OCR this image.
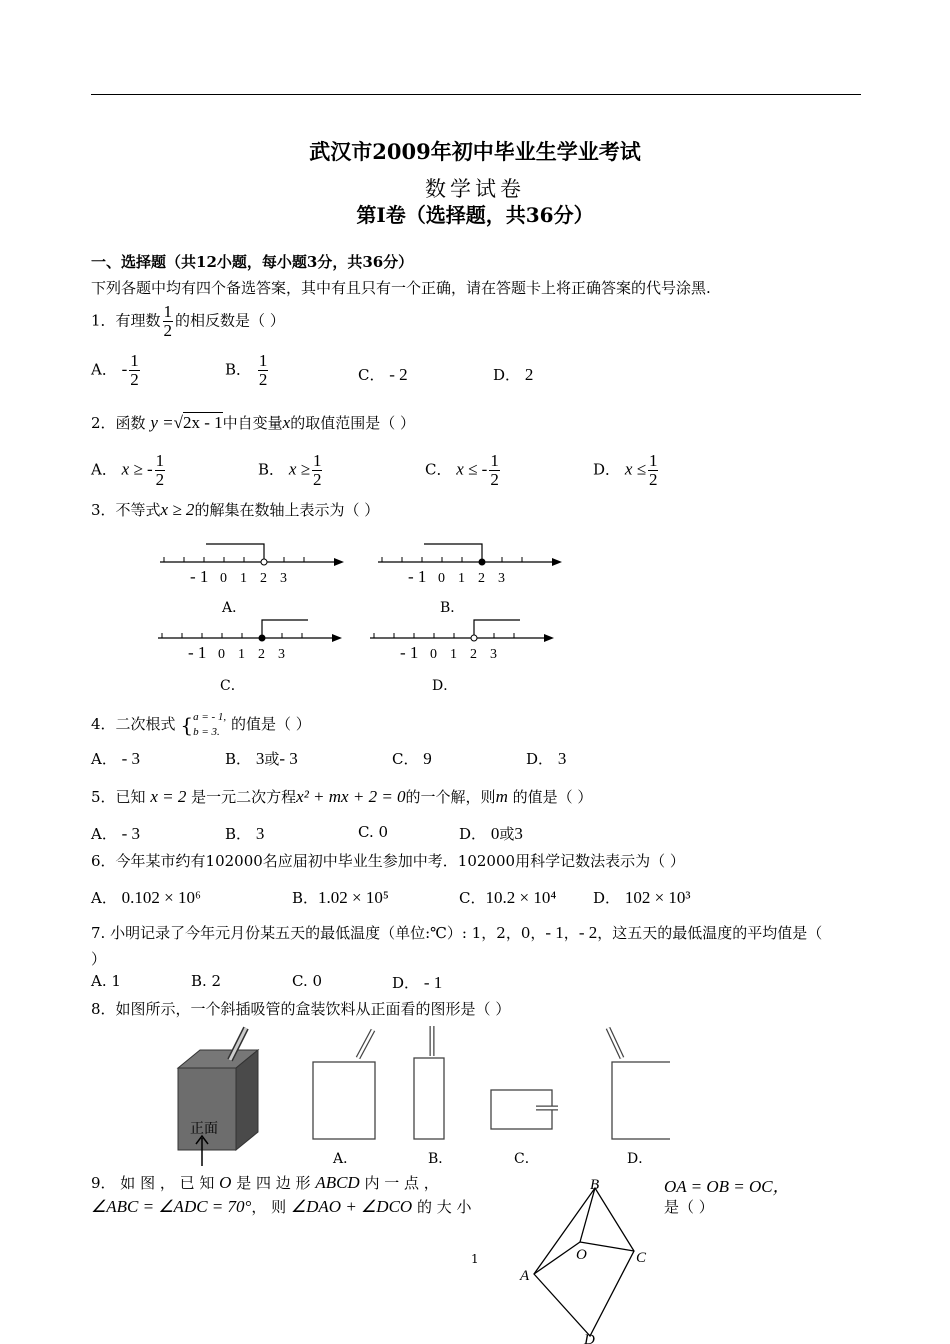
武汉市2009年初中毕业生学业考试
数学试卷
第Ⅰ卷（选择题，共36分）
一、选择题（共12小题，每小题3分，共36分）
下列各题中均有四个备选答案，其中有且只有一个正确，请在答题卡上将正确答案的代号涂黑.
1．有理数 $\frac{1}{2}$ 的相反数是（ ）
A． - $\frac{1}{2}$	B． $\frac{1}{2}$	C． - 2	D． 2
2．函数 y =√2x - 1中自变量x的取值范围是（ ）
A． x ≥ - $\frac{1}{2}$	B． $x \ge \frac{1}{2}$	C． x ≤ - $\frac{1}{2}$	D． $x \le \frac{1}{2}$
3．不等式x ≥ 2的解集在数轴上表示为（ ）
- 1 0 1 2 3	- 1 0 1 2 3
- 1 0 1 2 3	- 1 0 1 2 3
A．	B．
C．	D．
4．二次根式 { a = - 1,
b = 3. 的值是（ ）
A． - 3	B． 3或- 3	C． 9	D． 3
5．已知 x = 2 是一元二次方程x² + mx + 2 = 0的一个解，则m 的值是（ ）
A． - 3	B． 3	C. 0	D． 0或3
6．今年某市约有102000名应届初中毕业生参加中考．102000用科学记数法表示为（ ）
A． 0.102 × 10⁶	B．1.02 × 10⁵	C．10.2 × 10⁴ D． 102 × 10³
7. 小明记录了今年元月份某五天的最低温度（单位:℃）: 1，2，0，- 1，- 2，这五天的最低温度的平均值是（
）
A. 1	B. 2	C. 0	D． - 1
8．如图所示，一个斜插吸管的盒装饮料从正面看的图形是（ ）
正面
A．	B．	C．	D．
9． 如 图 ， 已 知 O 是 四 边 形 ABCD 内 一 点 ，	OA = OB = OC，
∠ABC = ∠ADC = 70°， 则 ∠DAO + ∠DCO 的 大 小	是（ ）
A
B
C
D
O
1
